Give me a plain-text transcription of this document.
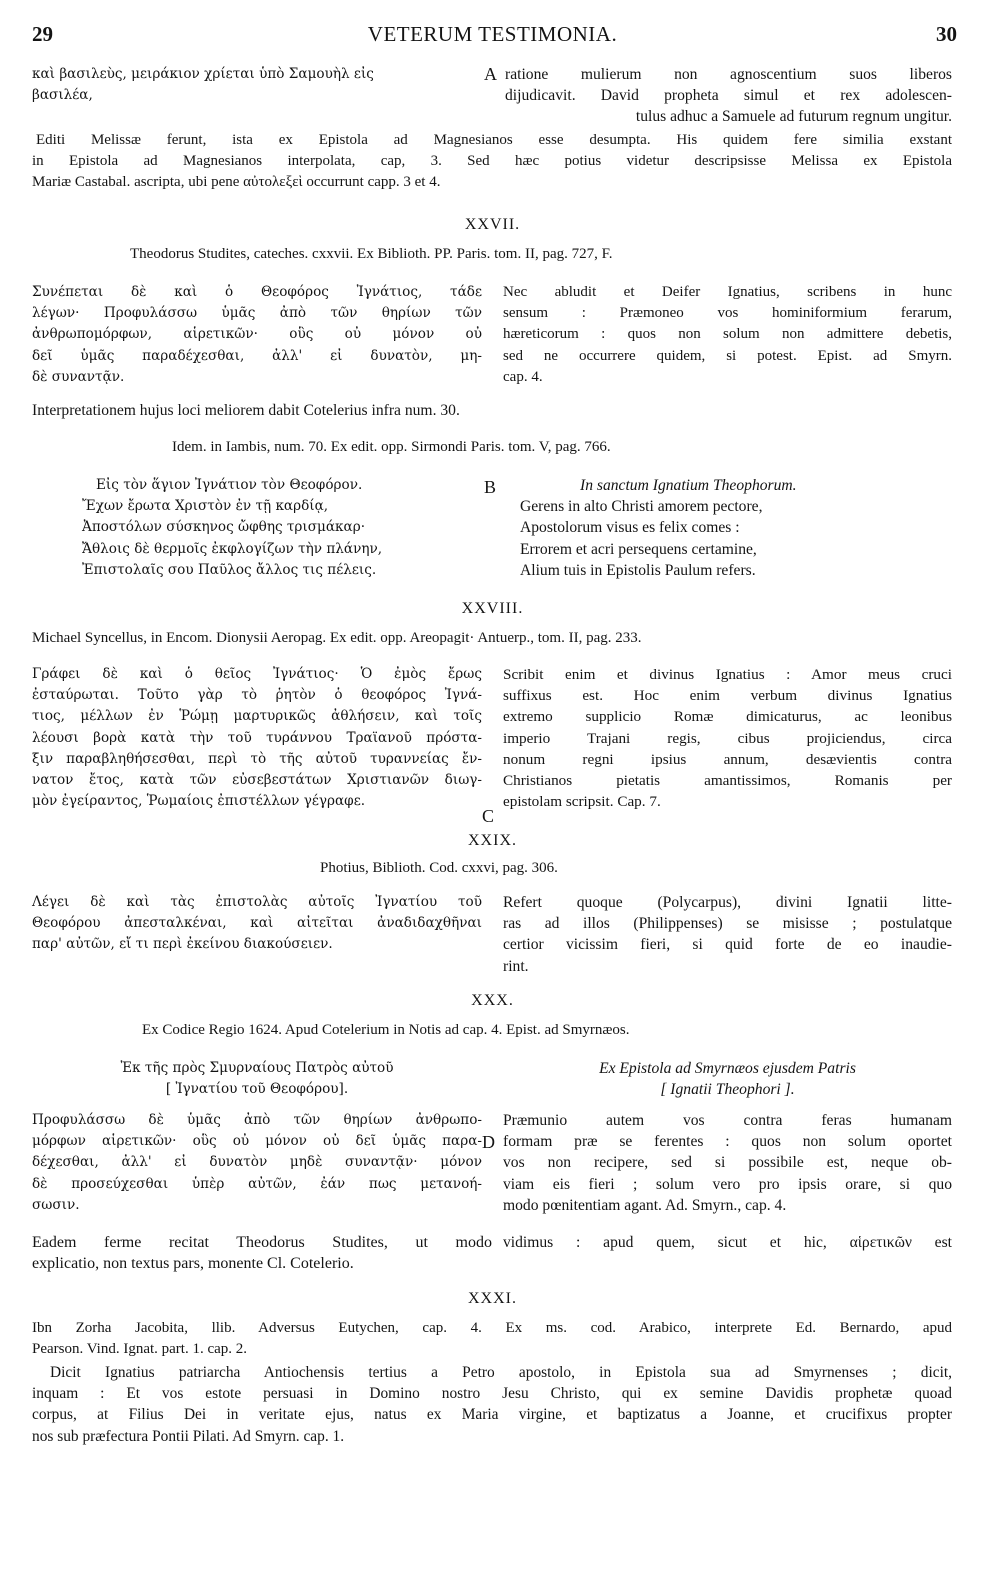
29	VETERUM TESTIMONIA.	30
καὶ βασιλεὺς, μειράκιον χρίεται ὑπὸ Σαμουὴλ εἰς
βασιλέα,
A ratione mulierum non agnoscentium suos liberos
dijudicavit. David propheta simul et rex adolescen-
tulus adhuc a Samuele ad futurum regnum ungitur.
Editi Melissæ ferunt, ista ex Epistola ad Magnesianos esse desumpta. His quidem fere similia exstant
in Epistola ad Magnesianos interpolata, cap, 3. Sed hæc potius videtur descripsisse Melissa ex Epistola
Mariæ Castabal. ascripta, ubi pene αὐτολεξεὶ occurrunt capp. 3 et 4.
XXVII.
Theodorus Studites, cateches. cxxvii. Ex Biblioth. PP. Paris. tom. II, pag. 727, F.
Συνέπεται δὲ καὶ ὁ Θεοφόρος Ἰγνάτιος, τάδε
λέγων· Προφυλάσσω ὑμᾶς ἀπὸ τῶν θηρίων τῶν
ἀνθρωπομόρφων, αἱρετικῶν· οὓς οὐ μόνον οὐ
δεῖ ὑμᾶς παραδέχεσθαι, ἀλλ' εἰ δυνατὸν, μη-
δὲ συναντᾷν.
Nec abludit et Deifer Ignatius, scribens in hunc
sensum : Præmoneo vos hominiformium ferarum,
hæreticorum : quos non solum non admittere debetis,
sed ne occurrere quidem, si potest. Epist. ad Smyrn.
cap. 4.
Interpretationem hujus loci meliorem dabit Cotelerius infra num. 30.
Idem. in Iambis, num. 70. Ex edit. opp. Sirmondi Paris. tom. V, pag. 766.
Εἰς τὸν ἅγιον Ἰγνάτιον τὸν Θεοφόρον.
Ἔχων ἔρωτα Χριστὸν ἐν τῇ καρδίᾳ,
Ἀποστόλων σύσκηνος ὤφθης τρισμάκαρ·
Ἄθλοις δὲ θερμοῖς ἐκφλογίζων τὴν πλάνην,
Ἐπιστολαῖς σου Παῦλος ἄλλος τις πέλεις.
B	In sanctum Ignatium Theophorum.
Gerens in alto Christi amorem pectore,
Apostolorum visus es felix comes :
Errorem et acri persequens certamine,
Alium tuis in Epistolis Paulum refers.
XXVIII.
Michael Syncellus, in Encom. Dionysii Aeropag. Ex edit. opp. Areopagit· Antuerp., tom. II, pag. 233.
Γράφει δὲ καὶ ὁ θεῖος Ἰγνάτιος· Ὁ ἐμὸς ἔρως
ἐσταύρωται. Τοῦτο γὰρ τὸ ῥητὸν ὁ θεοφόρος Ἰγνά-
τιος, μέλλων ἐν Ῥώμῃ μαρτυρικῶς ἀθλήσειν, καὶ τοῖς
λέουσι βορὰ κατὰ τὴν τοῦ τυράννου Τραϊανοῦ πρόστα-
ξιν παραβληθήσεσθαι, περὶ τὸ τῆς αὐτοῦ τυραννείας ἔν-
νατον ἔτος, κατὰ τῶν εὐσεβεστάτων Χριστιανῶν διωγ-
μὸν ἐγείραντος, Ῥωμαίοις ἐπιστέλλων γέγραφε.
C
Scribit enim et divinus Ignatius : Amor meus cruci
suffixus est. Hoc enim verbum divinus Ignatius
extremo supplicio Romæ dimicaturus, ac leonibus
imperio Trajani regis, cibus projiciendus, circa
nonum regni ipsius annum, desævientis contra
Christianos pietatis amantissimos, Romanis per
epistolam scripsit. Cap. 7.
XXIX.
Photius, Biblioth. Cod. cxxvi, pag. 306.
Λέγει δὲ καὶ τὰς ἐπιστολὰς αὐτοῖς Ἰγνατίου τοῦ
Θεοφόρου ἀπεσταλκέναι, καὶ αἰτεῖται ἀναδιδαχθῆναι
παρ' αὐτῶν, εἴ τι περὶ ἐκείνου διακούσειεν.
Refert quoque (Polycarpus), divini Ignatii litte-
ras ad illos (Philippenses) se misisse ; postulatque
certior vicissim fieri, si quid forte de eo inaudie-
rint.
XXX.
Ex Codice Regio 1624. Apud Cotelerium in Notis ad cap. 4. Epist. ad Smyrnæos.
Ἐκ τῆς πρὸς Σμυρναίους Πατρὸς αὐτοῦ
[ Ἰγνατίου τοῦ Θεοφόρου].
Ex Epistola ad Smyrnæos ejusdem Patris
[ Ignatii Theophori ].
Προφυλάσσω δὲ ὑμᾶς ἀπὸ τῶν θηρίων ἀνθρωπο-
μόρφων αἱρετικῶν· οὓς οὐ μόνον οὐ δεῖ ὑμᾶς παρα-
δέχεσθαι, ἀλλ' εἰ δυνατὸν μηδὲ συναντᾷν· μόνον
δὲ προσεύχεσθαι ὑπὲρ αὐτῶν, ἐάν πως μετανοή-
σωσιν.
D
Præmunio autem vos contra feras humanam
formam præ se ferentes : quos non solum oportet
vos non recipere, sed si possibile est, neque ob-
viam eis fieri ; solum vero pro ipsis orare, si quo
modo pœnitentiam agant. Ad. Smyrn., cap. 4.
Eadem ferme recitat Theodorus Studites, ut modo
explicatio, non textus pars, monente Cl. Cotelerio.
vidimus : apud quem, sicut et hic, αἱρετικῶν est
XXXI.
Ibn Zorha Jacobita, llib. Adversus Eutychen, cap. 4. Ex ms. cod. Arabico, interprete Ed. Bernardo, apud
Pearson. Vind. Ignat. part. 1. cap. 2.
Dicit Ignatius patriarcha Antiochensis tertius a Petro apostolo, in Epistola sua ad Smyrnenses ; dicit,
inquam : Et vos estote persuasi in Domino nostro Jesu Christo, qui ex semine Davidis prophetæ quoad
corpus, at Filius Dei in veritate ejus, natus ex Maria virgine, et baptizatus a Joanne, et crucifixus propter
nos sub præfectura Pontii Pilati. Ad Smyrn. cap. 1.
